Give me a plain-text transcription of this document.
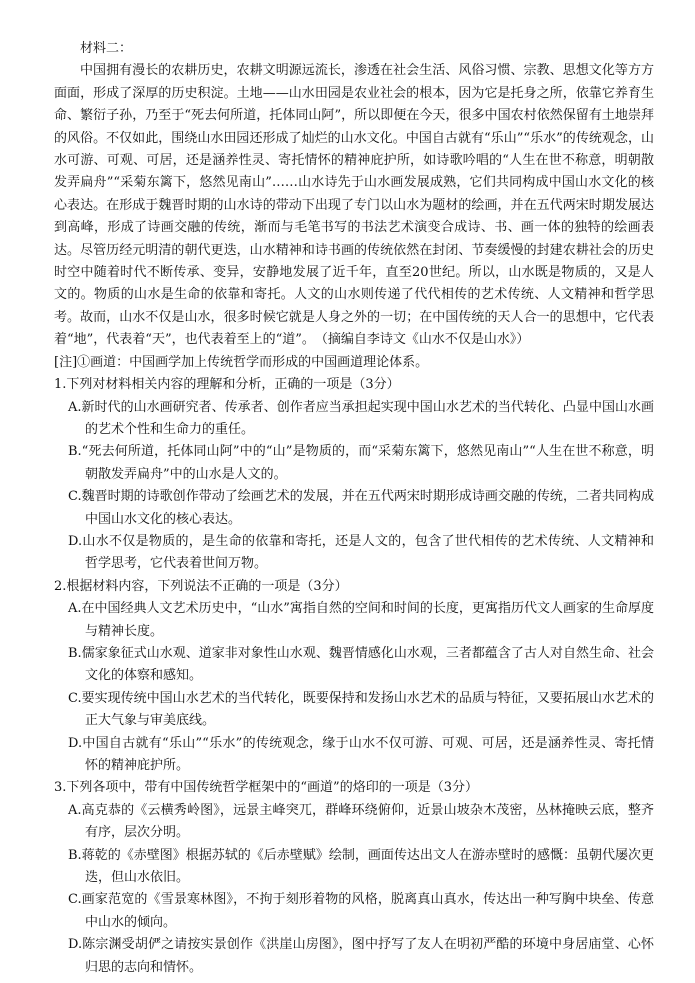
材料二：

中国拥有漫长的农耕历史，农耕文明源远流长，渗透在社会生活、风俗习惯、宗教、思想文化等方方面面，形成了深厚的历史积淀。土地——山水田园是农业社会的根本，因为它是托身之所，依靠它养育生命、繁衍子孙，乃至于“死去何所道，托体同山阿”，所以即便在今天，很多中国农村依然保留有土地崇拜的风俗。不仅如此，围绕山水田园还形成了灿烂的山水文化。中国自古就有“乐山”“乐水”的传统观念，山水可游、可观、可居，还是涵养性灵、寄托情怀的精神庇护所，如诗歌吟唱的“人生在世不称意，明朝散发弄扁舟”“采菊东篱下，悠然见南山”……山水诗先于山水画发展成熟，它们共同构成中国山水文化的核心表达。在形成于魏晋时期的山水诗的带动下出现了专门以山水为题材的绘画，并在五代两宋时期发展达到高峰，形成了诗画交融的传统，渐而与毛笔书写的书法艺术演变合成诗、书、画一体的独特的绘画表达。尽管历经元明清的朝代更迭，山水精神和诗书画的传统依然在封闭、节奏缓慢的封建农耕社会的历史时空中随着时代不断传承、变异，安静地发展了近千年，直至20世纪。所以，山水既是物质的，又是人文的。物质的山水是生命的依靠和寄托。人文的山水则传递了代代相传的艺术传统、人文精神和哲学思考。故而，山水不仅是山水，很多时候它就是人身之外的一切；在中国传统的天人合一的思想中，它代表着“地”，代表着“天”，也代表着至上的“道”。　（摘编自李诗文《山水不仅是山水》）

[注]①画道：中国画学加上传统哲学而形成的中国画道理论体系。

1.下列对材料相关内容的理解和分析，正确的一项是（3分）

A.新时代的山水画研究者、传承者、创作者应当承担起实现中国山水艺术的当代转化、凸显中国山水画的艺术个性和生命力的重任。

B.“死去何所道，托体同山阿”中的“山”是物质的，而“采菊东篱下，悠然见南山”“人生在世不称意，明朝散发弄扁舟”中的山水是人文的。

C.魏晋时期的诗歌创作带动了绘画艺术的发展，并在五代两宋时期形成诗画交融的传统，二者共同构成中国山水文化的核心表达。

D.山水不仅是物质的，是生命的依靠和寄托，还是人文的，包含了世代相传的艺术传统、人文精神和哲学思考，它代表着世间万物。

2.根据材料内容，下列说法不正确的一项是（3分）

A.在中国经典人文艺术历史中，“山水”寓指自然的空间和时间的长度，更寓指历代文人画家的生命厚度与精神长度。

B.儒家象征式山水观、道家非对象性山水观、魏晋情感化山水观，三者都蕴含了古人对自然生命、社会文化的体察和感知。

C.要实现传统中国山水艺术的当代转化，既要保持和发扬山水艺术的品质与特征，又要拓展山水艺术的正大气象与审美底线。

D.中国自古就有“乐山”“乐水”的传统观念，缘于山水不仅可游、可观、可居，还是涵养性灵、寄托情怀的精神庇护所。

3.下列各项中，带有中国传统哲学框架中的“画道”的烙印的一项是（3分）

A.高克恭的《云横秀岭图》，远景主峰突兀，群峰环绕俯仰，近景山坡杂木茂密，丛林掩映云底，整齐有序，层次分明。

B.蒋乾的《赤壁图》根据苏轼的《后赤壁赋》绘制，画面传达出文人在游赤壁时的感慨：虽朝代屡次更迭，但山水依旧。

C.画家范宽的《雪景寒林图》，不拘于刻形着物的风格，脱离真山真水，传达出一种写胸中块垒、传意中山水的倾向。

D.陈宗渊受胡俨之请按实景创作《洪崖山房图》，图中抒写了友人在明初严酷的环境中身居庙堂、心怀归思的志向和情怀。
